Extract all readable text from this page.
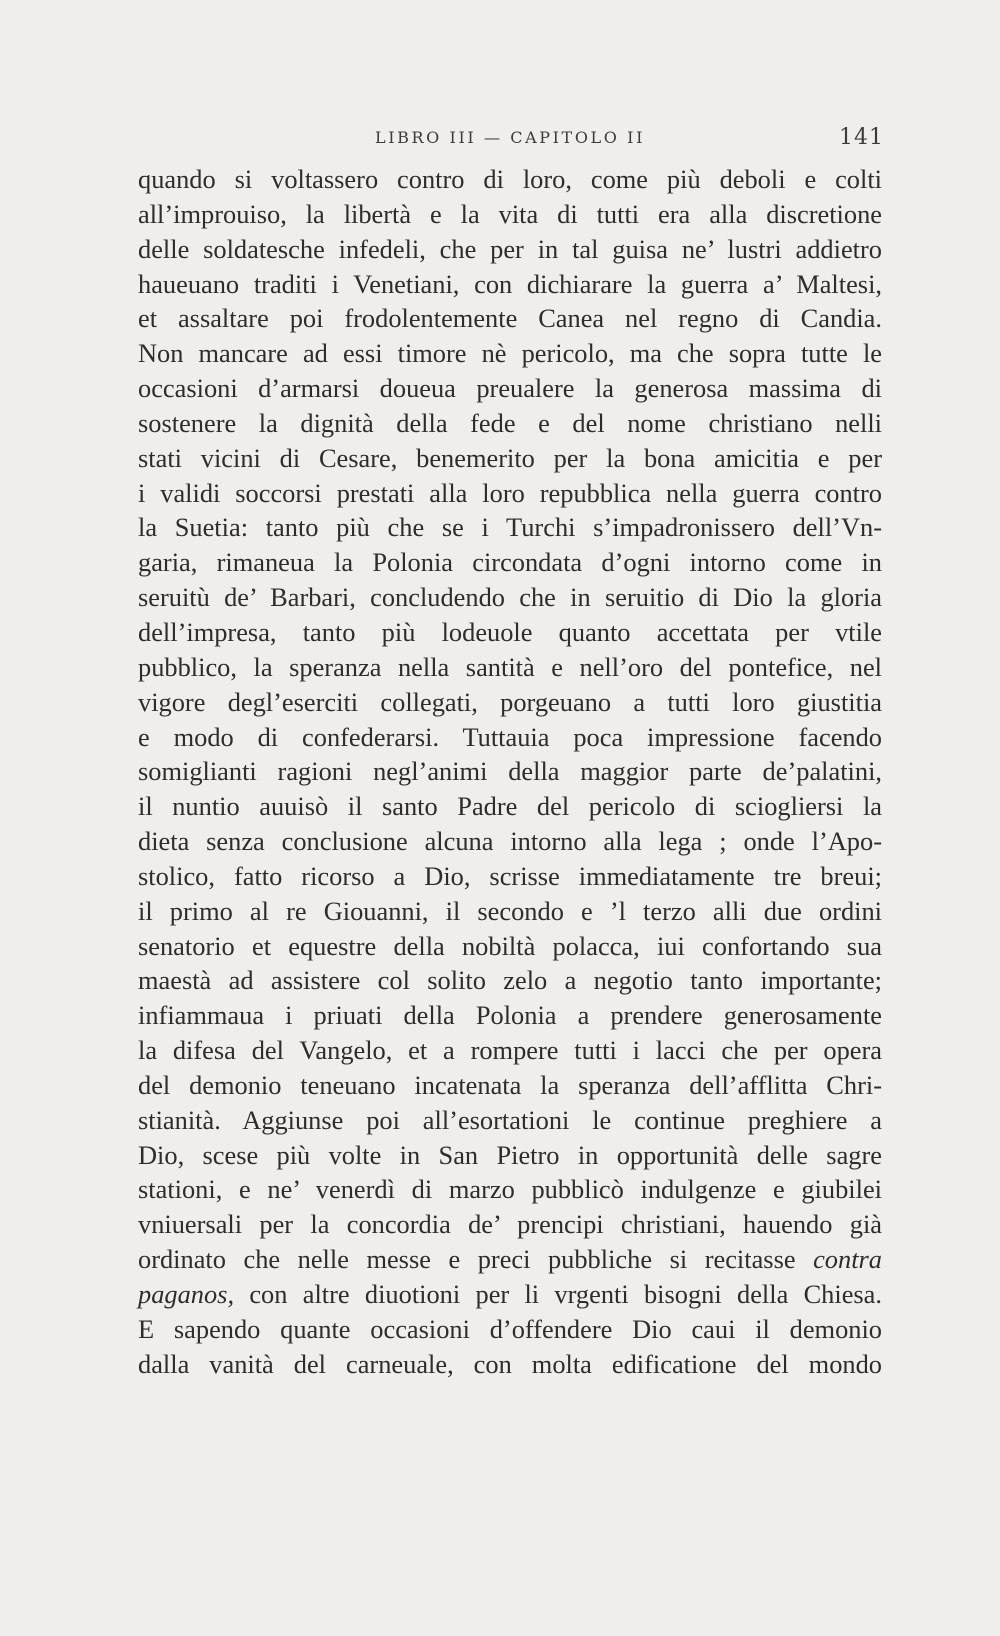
LIBRO III — CAPITOLO II	141
quando si voltassero contro di loro, come più deboli e colti
all’improuiso, la libertà e la vita di tutti era alla discretione
delle soldatesche infedeli, che per in tal guisa ne’ lustri addietro
haueuano traditi i Venetiani, con dichiarare la guerra a’ Maltesi,
et assaltare poi frodolentemente Canea nel regno di Candia.
Non mancare ad essi timore nè pericolo, ma che sopra tutte le
occasioni d’armarsi doueua preualere la generosa massima di
sostenere la dignità della fede e del nome christiano nelli
stati vicini di Cesare, benemerito per la bona amicitia e per
i validi soccorsi prestati alla loro repubblica nella guerra contro
la Suetia: tanto più che se i Turchi s’impadronissero dell’Vn-
garia, rimaneua la Polonia circondata d’ogni intorno come in
seruitù de’ Barbari, concludendo che in seruitio di Dio la gloria
dell’impresa, tanto più lodeuole quanto accettata per vtile
pubblico, la speranza nella santità e nell’oro del pontefice, nel
vigore degl’eserciti collegati, porgeuano a tutti loro giustitia
e modo di confederarsi. Tuttauia poca impressione facendo
somiglianti ragioni negl’animi della maggior parte de’palatini,
il nuntio auuisò il santo Padre del pericolo di sciogliersi la
dieta senza conclusione alcuna intorno alla lega ; onde l’Apo-
stolico, fatto ricorso a Dio, scrisse immediatamente tre breui;
il primo al re Giouanni, il secondo e ’l terzo alli due ordini
senatorio et equestre della nobiltà polacca, iui confortando sua
maestà ad assistere col solito zelo a negotio tanto importante;
infiammaua i priuati della Polonia a prendere generosamente
la difesa del Vangelo, et a rompere tutti i lacci che per opera
del demonio teneuano incatenata la speranza dell’afflitta Chri-
stianità. Aggiunse poi all’esortationi le continue preghiere a
Dio, scese più volte in San Pietro in opportunità delle sagre
stationi, e ne’ venerdì di marzo pubblicò indulgenze e giubilei
vniuersali per la concordia de’ prencipi christiani, hauendo già
ordinato che nelle messe e preci pubbliche si recitasse contra
paganos, con altre diuotioni per li vrgenti bisogni della Chiesa.
E sapendo quante occasioni d’offendere Dio caui il demonio
dalla vanità del carneuale, con molta edificatione del mondo
